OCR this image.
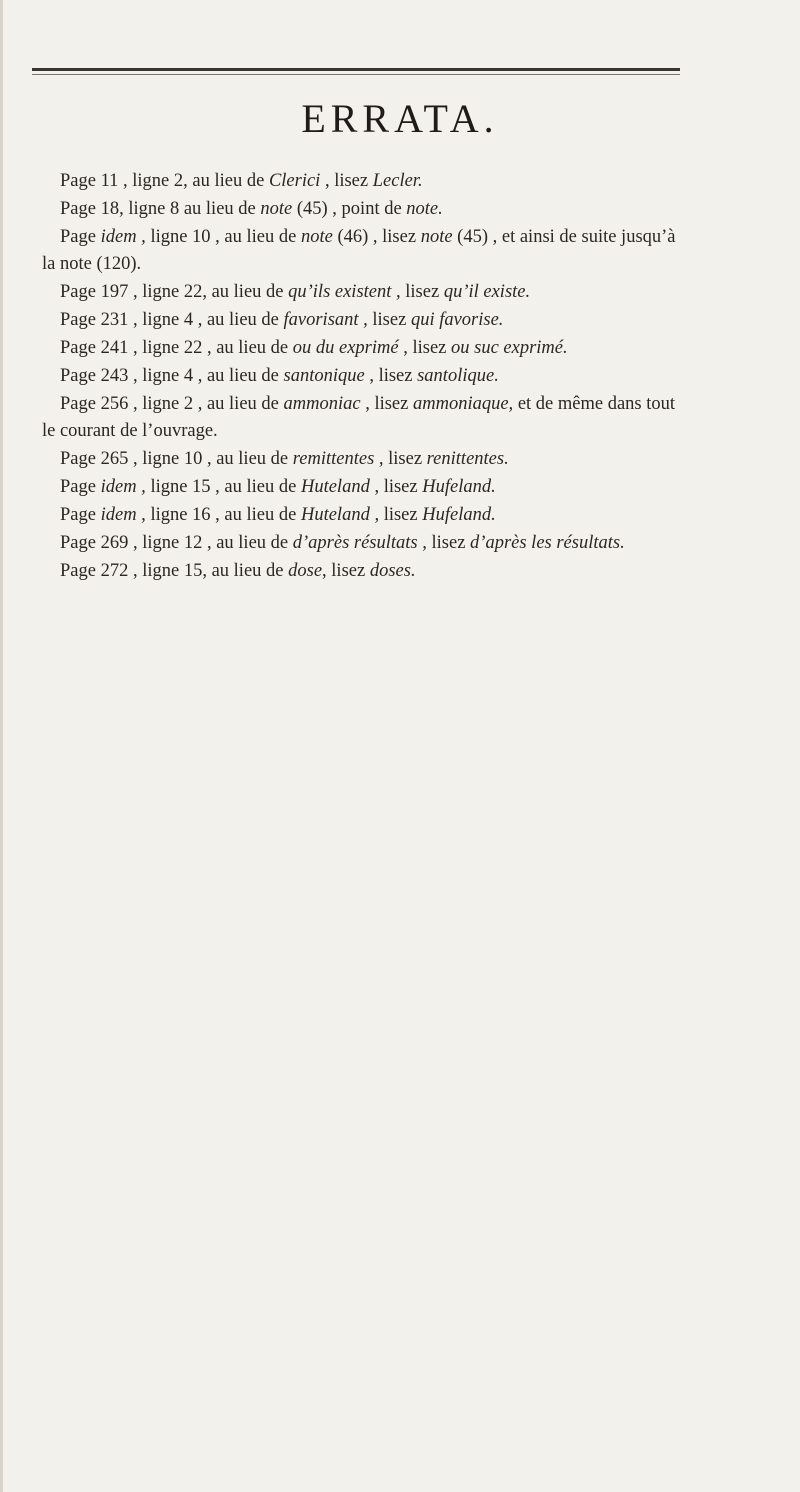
ERRATA.

Page 11 , ligne 2, au lieu de Clerici , lisez Lecler.

Page 18, ligne 8 au lieu de note (45) , point de note.

Page idem , ligne 10 , au lieu de note (46) , lisez note (45) , et ainsi de suite jusqu’à la note (120).

Page 197 , ligne 22, au lieu de qu’ils existent , lisez qu’il existe.

Page 231 , ligne 4 , au lieu de favorisant , lisez qui favorise.

Page 241 , ligne 22 , au lieu de ou du exprimé , lisez ou suc exprimé.

Page 243 , ligne 4 , au lieu de santonique , lisez santolique.

Page 256 , ligne 2 , au lieu de ammoniac , lisez ammoniaque, et de même dans tout le courant de l’ouvrage.

Page 265 , ligne 10 , au lieu de remittentes , lisez renittentes.

Page idem , ligne 15 , au lieu de Huteland , lisez Hufeland.

Page idem , ligne 16 , au lieu de Huteland , lisez Hufeland.

Page 269 , ligne 12 , au lieu de d’après résultats , lisez d’après les résultats.

Page 272 , ligne 15, au lieu de dose, lisez doses.
